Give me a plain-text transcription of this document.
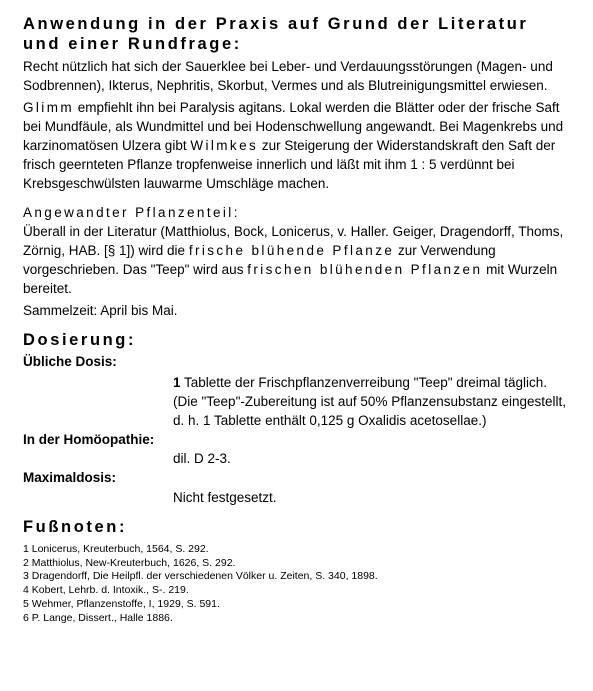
Anwendung in der Praxis auf Grund der Literatur

und einer Rundfrage:

Recht nützlich hat sich der Sauerklee bei Leber- und Verdauungsstörungen (Magen- und Sodbrennen), Ikterus, Nephritis, Skorbut, Vermes und als Blutreinigungsmittel erwiesen.

Glimm empfiehlt ihn bei Paralysis agitans. Lokal werden die Blätter oder der frische Saft bei Mundfäule, als Wundmittel und bei Hodenschwellung angewandt. Bei Magenkrebs und karzinomatösen Ulzera gibt Wilmkes zur Steigerung der Widerstandskraft den Saft der frisch geernteten Pflanze tropfenweise innerlich und läßt mit ihm 1 : 5 verdünnt bei Krebsgeschwülsten lauwarme Umschläge machen.

Angewandter Pflanzenteil:

Überall in der Literatur (Matthiolus, Bock, Lonicerus, v. Haller. Geiger, Dragendorff, Thoms, Zörnig, HAB. [§ 1]) wird die frische blühende Pflanze zur Verwendung vorgeschrieben. Das "Teep" wird aus frischen blühenden Pflanzen mit Wurzeln bereitet.

Sammelzeit: April bis Mai.

Dosierung:

Übliche Dosis:

1 Tablette der Frischpflanzenverreibung "Teep" dreimal täglich. (Die "Teep"-Zubereitung ist auf 50% Pflanzensubstanz eingestellt, d. h. 1 Tablette enthält 0,125 g Oxalidis acetosellae.)

In der Homöopathie:

dil. D 2-3.

Maximaldosis:

Nicht festgesetzt.

Fußnoten:

1 Lonicerus, Kreuterbuch, 1564, S. 292.

2 Matthiolus, New-Kreuterbuch, 1626, S. 292.

3 Dragendorff, Die Heilpfl. der verschiedenen Völker u. Zeiten, S. 340, 1898.

4 Kobert, Lehrb. d. Intoxik., S-. 219.

5 Wehmer, Pflanzenstoffe, I, 1929, S. 591.

6 P. Lange, Dissert., Halle 1886.
